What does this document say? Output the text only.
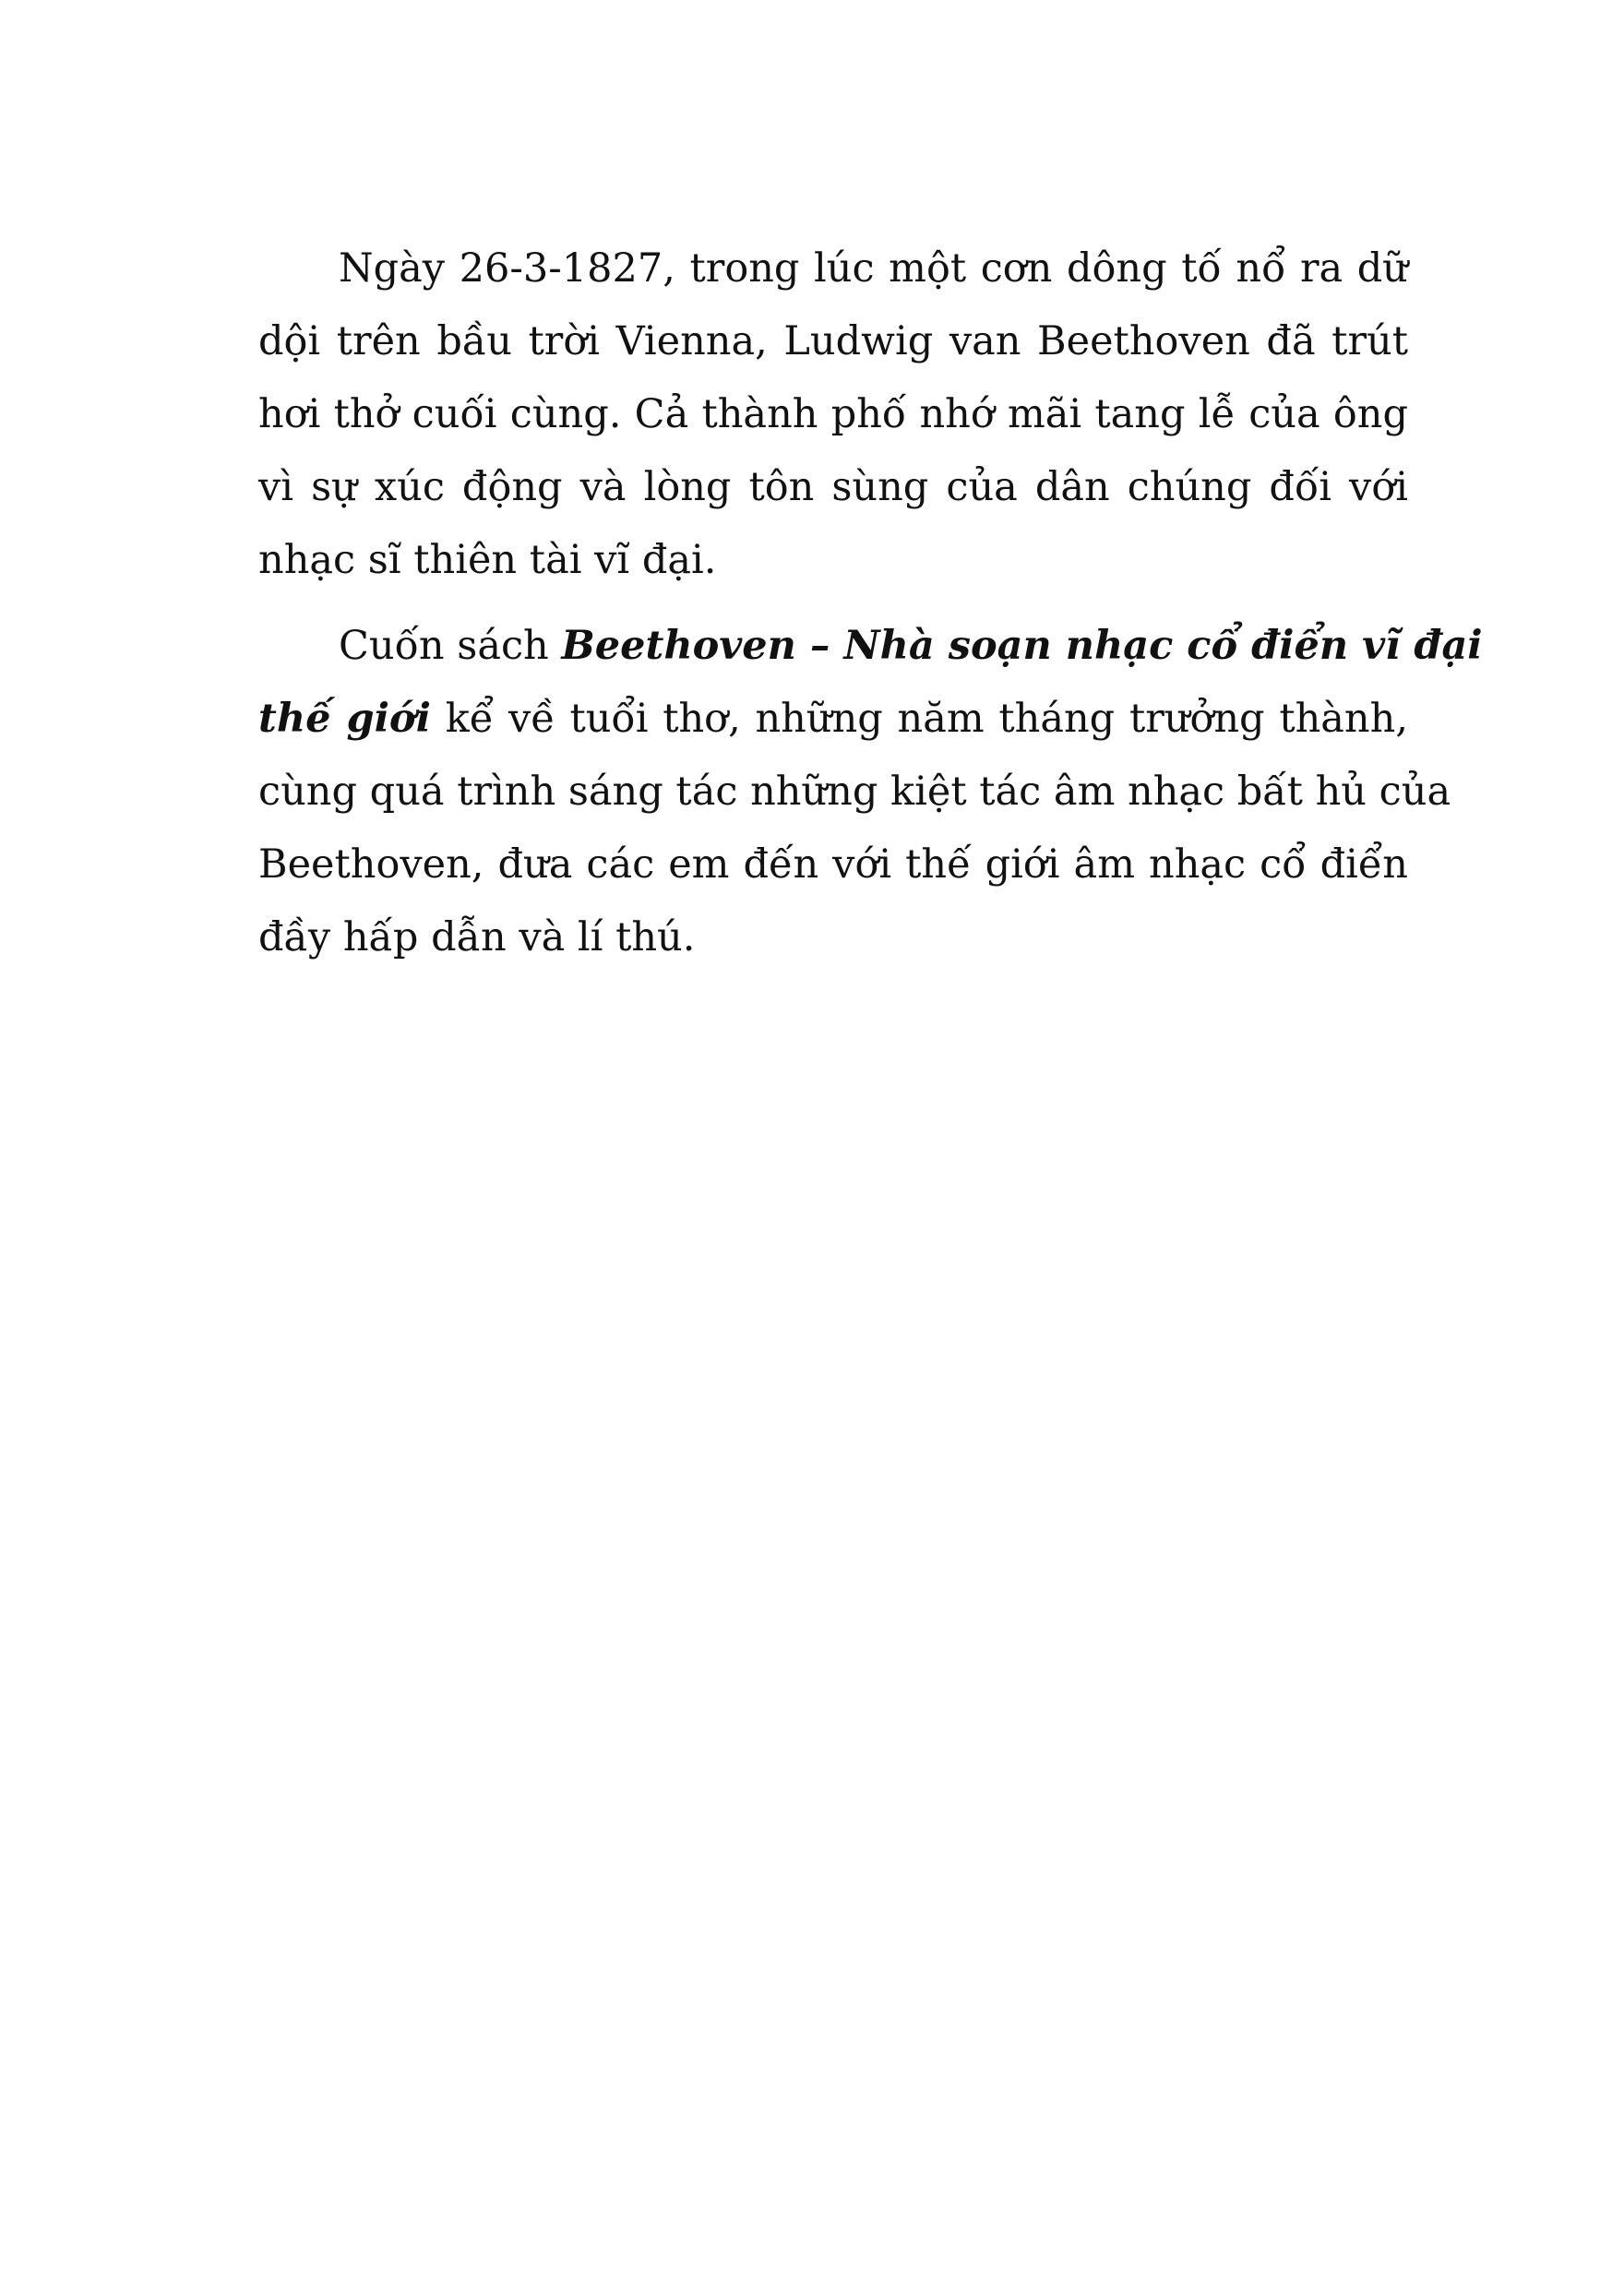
Ngày 26-3-1827, trong lúc một cơn dông tố nổ ra dữ
dội trên bầu trời Vienna, Ludwig van Beethoven đã trút
hơi thở cuối cùng. Cả thành phố nhớ mãi tang lễ của ông
vì sự xúc động và lòng tôn sùng của dân chúng đối với
nhạc sĩ thiên tài vĩ đại.
Cuốn sách Beethoven – Nhà soạn nhạc cổ điển vĩ đại
thế giới kể về tuổi thơ, những năm tháng trưởng thành,
cùng quá trình sáng tác những kiệt tác âm nhạc bất hủ của
Beethoven, đưa các em đến với thế giới âm nhạc cổ điển
đầy hấp dẫn và lí thú.
